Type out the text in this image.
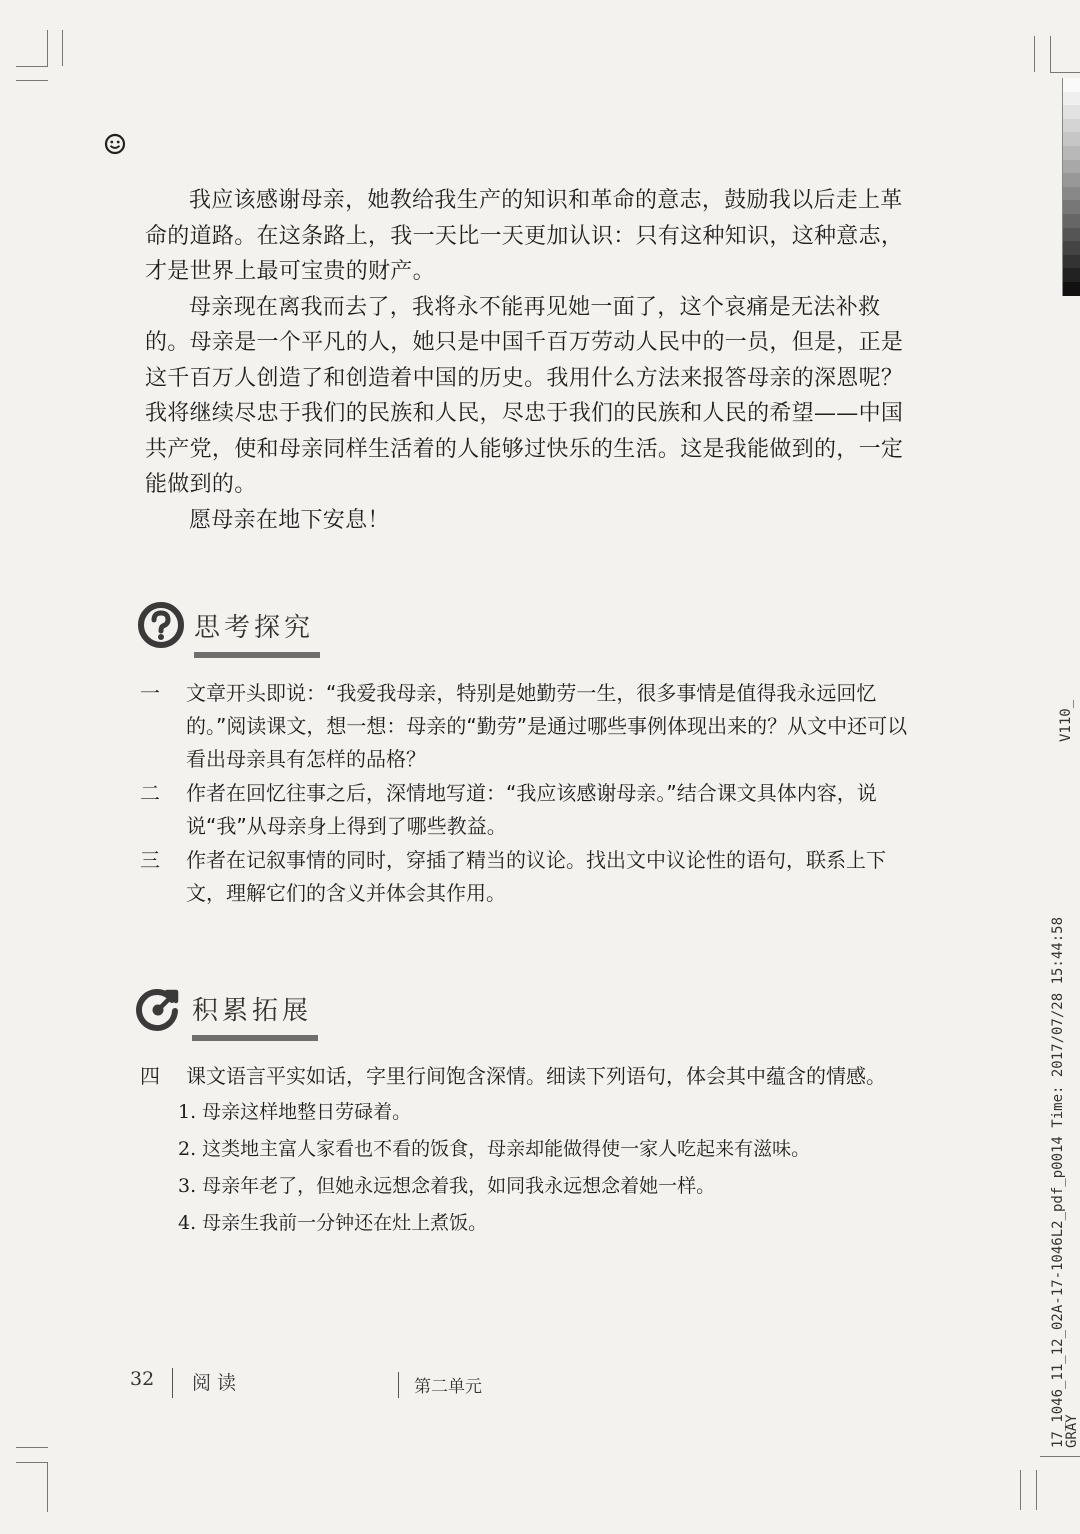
我应该感谢母亲，她教给我生产的知识和革命的意志，鼓励我以后走上革命的道路。在这条路上，我一天比一天更加认识：只有这种知识，这种意志，才是世界上最可宝贵的财产。

母亲现在离我而去了，我将永不能再见她一面了，这个哀痛是无法补救的。母亲是一个平凡的人，她只是中国千百万劳动人民中的一员，但是，正是这千百万人创造了和创造着中国的历史。我用什么方法来报答母亲的深恩呢？我将继续尽忠于我们的民族和人民，尽忠于我们的民族和人民的希望——中国共产党，使和母亲同样生活着的人能够过快乐的生活。这是我能做到的，一定能做到的。

愿母亲在地下安息！

思考探究
一	文章开头即说：“我爱我母亲，特别是她勤劳一生，很多事情是值得我永远回忆的。”阅读课文，想一想：母亲的“勤劳”是通过哪些事例体现出来的？从文中还可以看出母亲具有怎样的品格？
二	作者在回忆往事之后，深情地写道：“我应该感谢母亲。”结合课文具体内容，说说“我”从母亲身上得到了哪些教益。
三	作者在记叙事情的同时，穿插了精当的议论。找出文中议论性的语句，联系上下文，理解它们的含义并体会其作用。
积累拓展
四	课文语言平实如话，字里行间饱含深情。细读下列语句，体会其中蕴含的情感。
1. 母亲这样地整日劳碌着。
2. 这类地主富人家看也不看的饭食，母亲却能做得使一家人吃起来有滋味。
3. 母亲年老了，但她永远想念着我，如同我永远想念着她一样。
4. 母亲生我前一分钟还在灶上煮饭。
32 阅 读	第二单元
V110_
17_1046_11_12_02A-17-1046L2_pdf_p0014 Time: 2017/07/28 15:44:58
GRAY
